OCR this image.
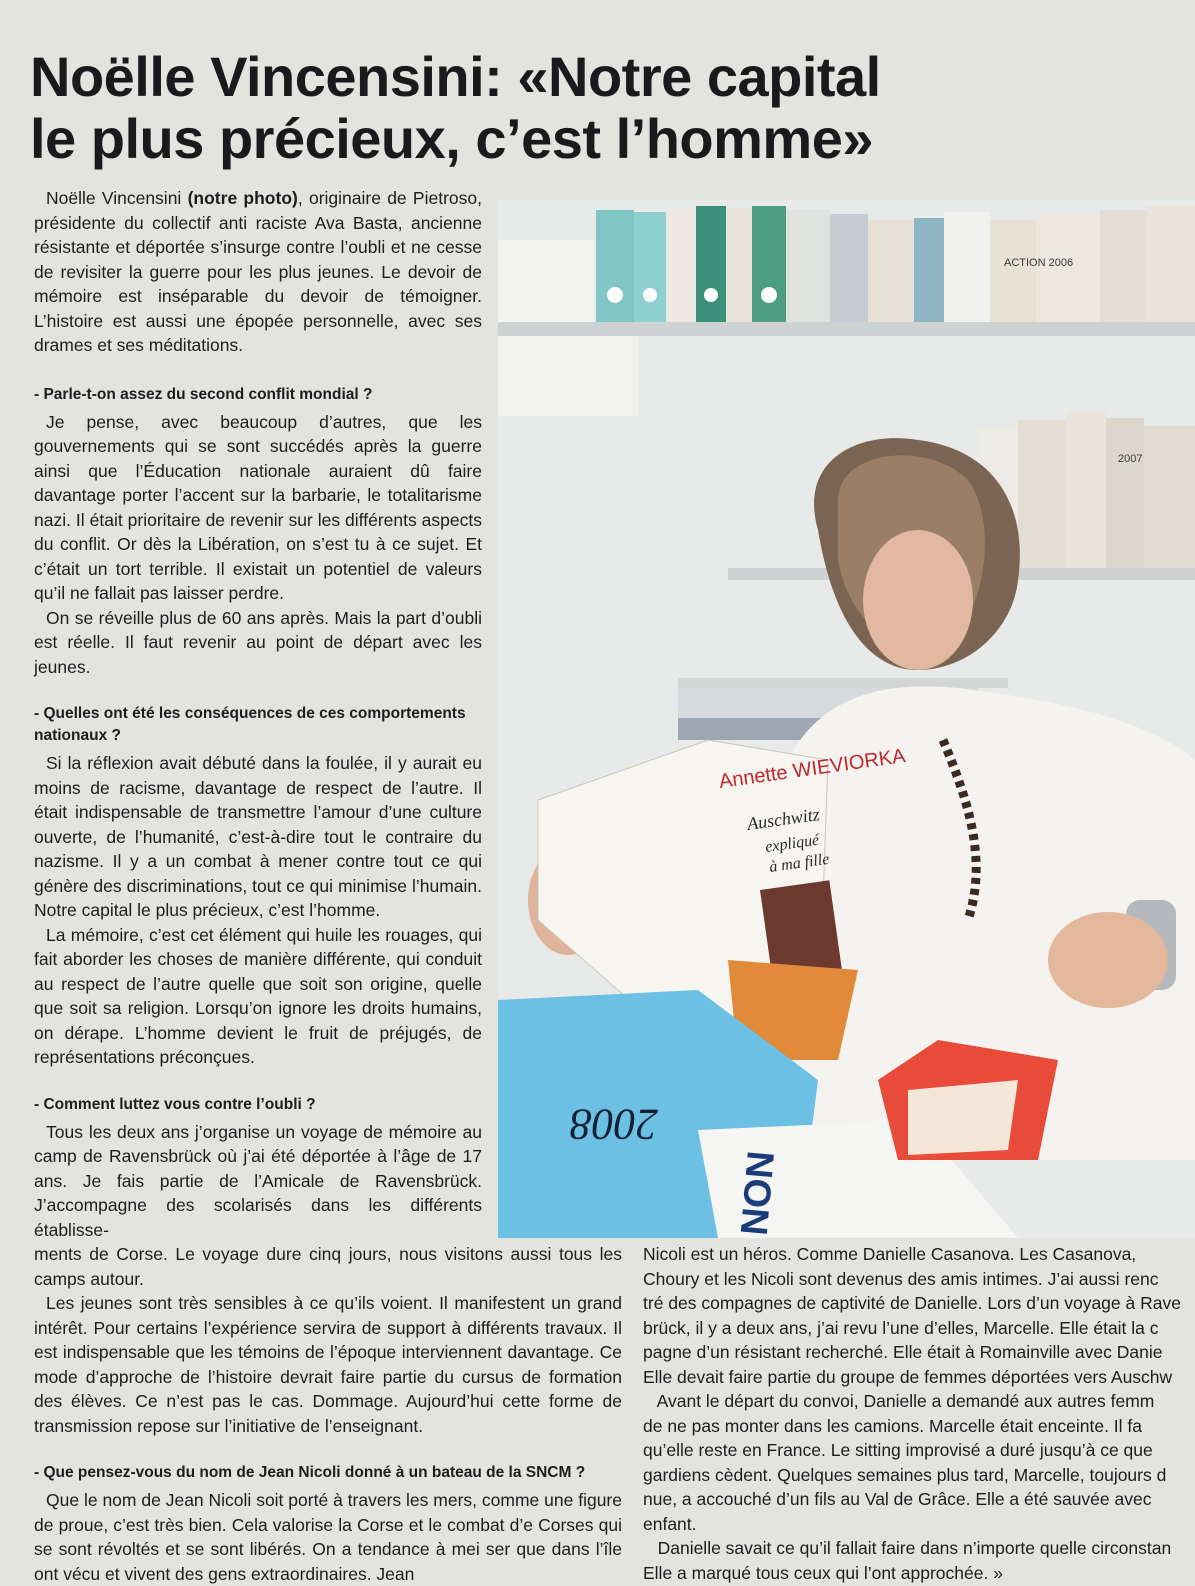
Noëlle Vincensini: «Notre capital
le plus précieux, c’est l’homme»

Noëlle Vincensini (notre photo), originaire de Pietroso, présidente du collectif anti raciste Ava Basta, ancienne résistante et déportée s’insurge contre l’oubli et ne cesse de revisiter la guerre pour les plus jeunes. Le devoir de mémoire est inséparable du devoir de témoigner. L’histoire est aussi une épopée personnelle, avec ses drames et ses méditations.

- Parle-t-on assez du second conflit mondial ?

Je pense, avec beaucoup d’autres, que les gouvernements qui se sont succédés après la guerre ainsi que l’Éducation nationale auraient dû faire davantage porter l’accent sur la barbarie, le totalitarisme nazi. Il était prioritaire de revenir sur les différents aspects du conflit. Or dès la Libération, on s’est tu à ce sujet. Et c’était un tort terrible. Il existait un potentiel de valeurs qu’il ne fallait pas laisser perdre.

On se réveille plus de 60 ans après. Mais la part d’oubli est réelle. Il faut revenir au point de départ avec les jeunes.

- Quelles ont été les conséquences de ces comportements nationaux ?

Si la réflexion avait débuté dans la foulée, il y aurait eu moins de racisme, davantage de respect de l’autre. Il était indispensable de transmettre l’amour d’une culture ouverte, de l’humanité, c’est-à-dire tout le contraire du nazisme. Il y a un combat à mener contre tout ce qui génère des discriminations, tout ce qui minimise l’humain. Notre capital le plus précieux, c’est l’homme.

La mémoire, c’est cet élément qui huile les rouages, qui fait aborder les choses de manière différente, qui conduit au respect de l’autre quelle que soit son origine, quelle que soit sa religion. Lorsqu’on ignore les droits humains, on dérape. L’homme devient le fruit de préjugés, de représentations préconçues.

- Comment luttez vous contre l’oubli ?

Tous les deux ans j’organise un voyage de mémoire au camp de Ravensbrück où j’ai été déportée à l’âge de 17 ans. Je fais partie de l’Amicale de Ravensbrück. J’accompagne des scolarisés dans les différents établisse-

ments de Corse. Le voyage dure cinq jours, nous visitons aussi tous les camps autour.

Les jeunes sont très sensibles à ce qu’ils voient. Il manifestent un grand intérêt. Pour certains l’expérience servira de support à différents travaux. Il est indispensable que les témoins de l’époque interviennent davantage. Ce mode d’approche de l’histoire devrait faire partie du cursus de formation des élèves. Ce n’est pas le cas. Dommage. Aujourd’hui cette forme de transmission repose sur l’initiative de l’enseignant.

- Que pensez-vous du nom de Jean Nicoli donné à un bateau de la SNCM ?

Que le nom de Jean Nicoli soit porté à travers les mers, comme une figure de proue, c’est très bien. Cela valorise la Corse et le combat d’e Corses qui se sont révoltés et se sont libérés. On a tendance à mei ser que dans l’île ont vécu et vivent des gens extraordinaires. Jean

Nicoli est un héros. Comme Danielle Casanova. Les Casanova,

Choury et les Nicoli sont devenus des amis intimes. J’ai aussi renc

tré des compagnes de captivité de Danielle. Lors d’un voyage à Rave

brück, il y a deux ans, j’ai revu l’une d’elles, Marcelle. Elle était la c

pagne d’un résistant recherché. Elle était à Romainville avec Danie

Elle devait faire partie du groupe de femmes déportées vers Auschw

Avant le départ du convoi, Danielle a demandé aux autres femm

de ne pas monter dans les camions. Marcelle était enceinte. Il fa

qu’elle reste en France. Le sitting improvisé a duré jusqu’à ce que

gardiens cèdent. Quelques semaines plus tard, Marcelle, toujours d

nue, a accouché d’un fils au Val de Grâce. Elle a été sauvée avec

enfant.

Danielle savait ce qu’il fallait faire dans n’importe quelle circonstan

Elle a marqué tous ceux qui l’ont approchée. »

ACTION 2006
2007
Annette WIEVIORKA
Auschwitz
expliqué
à ma fille
2008
NON
